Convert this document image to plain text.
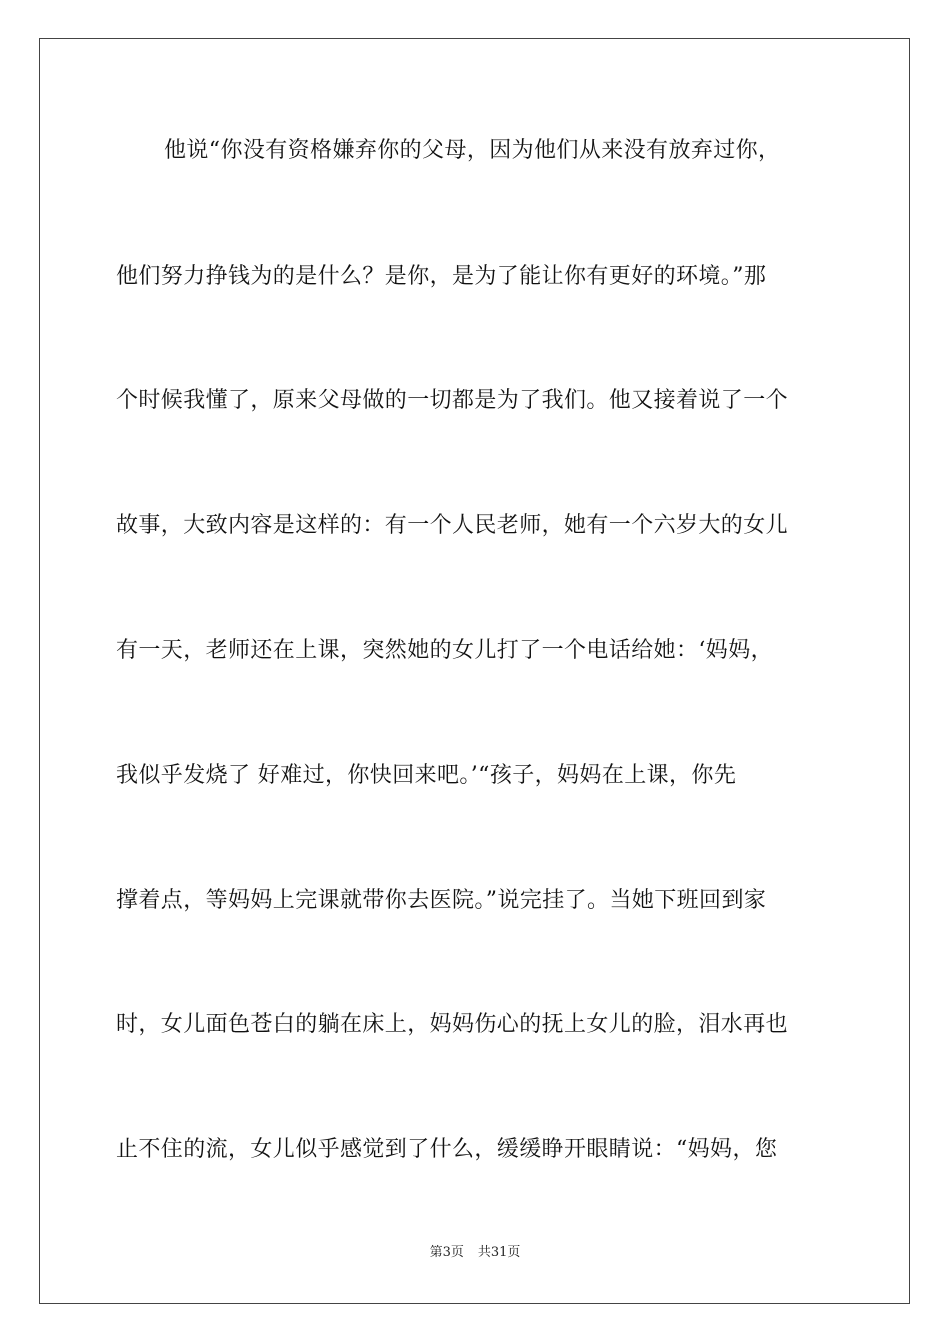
他说“你没有资格嫌弃你的父母，因为他们从来没有放弃过你，
他们努力挣钱为的是什么？是你，是为了能让你有更好的环境。”那
个时候我懂了，原来父母做的一切都是为了我们。他又接着说了一个
故事，大致内容是这样的：有一个人民老师，她有一个六岁大的女儿
有一天，老师还在上课，突然她的女儿打了一个电话给她：‘妈妈，
我似乎发烧了 好难过，你快回来吧。’“孩子，妈妈在上课，你先
撑着点，等妈妈上完课就带你去医院。”说完挂了。当她下班回到家
时，女儿面色苍白的躺在床上，妈妈伤心的抚上女儿的脸，泪水再也
止不住的流，女儿似乎感觉到了什么，缓缓睁开眼睛说：“妈妈，您
第3页 共31页
